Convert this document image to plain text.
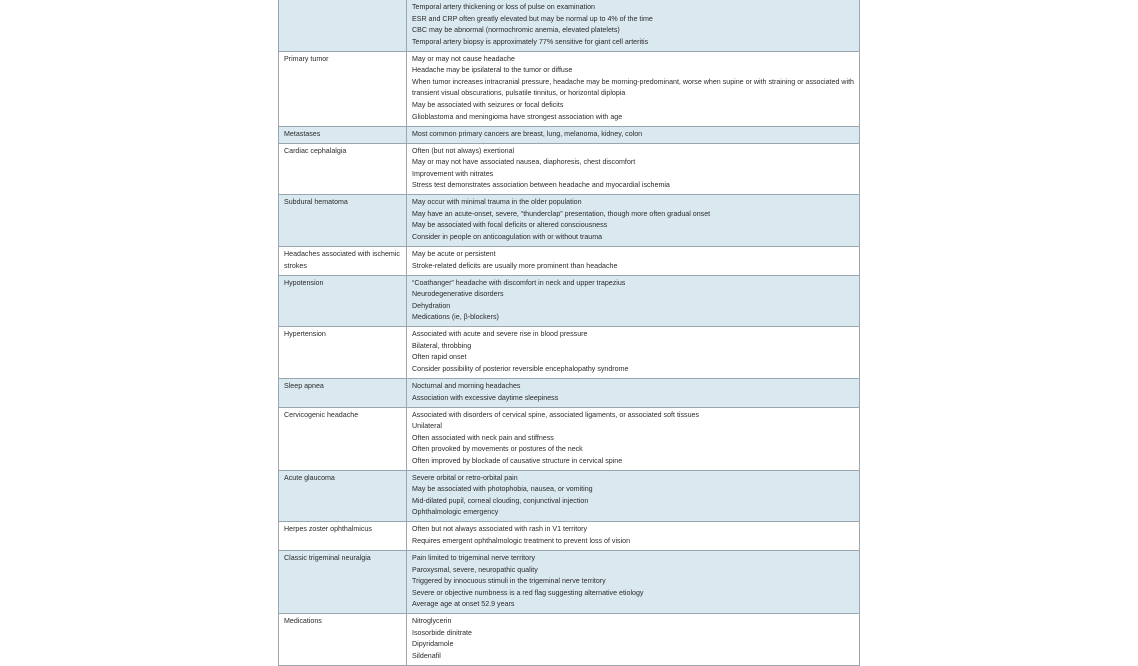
Temporal artery thickening or loss of pulse on examination
ESR and CRP often greatly elevated but may be normal up to 4% of the time
CBC may be abnormal (normochromic anemia, elevated platelets)
Temporal artery biopsy is approximately 77% sensitive for giant cell arteritis

Primary tumor	May or may not cause headache
Headache may be ipsilateral to the tumor or diffuse
When tumor increases intracranial pressure, headache may be morning-predominant, worse when supine or with straining or associated with transient visual obscurations, pulsatile tinnitus, or horizontal diplopia
May be associated with seizures or focal deficits
Glioblastoma and meningioma have strongest association with age

Metastases	Most common primary cancers are breast, lung, melanoma, kidney, colon

Cardiac cephalalgia	Often (but not always) exertional
May or may not have associated nausea, diaphoresis, chest discomfort
Improvement with nitrates
Stress test demonstrates association between headache and myocardial ischemia

Subdural hematoma	May occur with minimal trauma in the older population
May have an acute-onset, severe, “thunderclap” presentation, though more often gradual onset
May be associated with focal deficits or altered consciousness
Consider in people on anticoagulation with or without trauma

Headaches associated with ischemic strokes	May be acute or persistent
Stroke-related deficits are usually more prominent than headache

Hypotension	“Coathanger” headache with discomfort in neck and upper trapezius
Neurodegenerative disorders
Dehydration
Medications (ie, β-blockers)

Hypertension	Associated with acute and severe rise in blood pressure
Bilateral, throbbing
Often rapid onset
Consider possibility of posterior reversible encephalopathy syndrome

Sleep apnea	Nocturnal and morning headaches
Association with excessive daytime sleepiness

Cervicogenic headache	Associated with disorders of cervical spine, associated ligaments, or associated soft tissues
Unilateral
Often associated with neck pain and stiffness
Often provoked by movements or postures of the neck
Often improved by blockade of causative structure in cervical spine

Acute glaucoma	Severe orbital or retro-orbital pain
May be associated with photophobia, nausea, or vomiting
Mid-dilated pupil, corneal clouding, conjunctival injection
Ophthalmologic emergency

Herpes zoster ophthalmicus	Often but not always associated with rash in V1 territory
Requires emergent ophthalmologic treatment to prevent loss of vision

Classic trigeminal neuralgia	Pain limited to trigeminal nerve territory
Paroxysmal, severe, neuropathic quality
Triggered by innocuous stimuli in the trigeminal nerve territory
Severe or objective numbness is a red flag suggesting alternative etiology
Average age at onset 52.9 years

Medications	Nitroglycerin
Isosorbide dinitrate
Dipyridamole
Sildenafil
